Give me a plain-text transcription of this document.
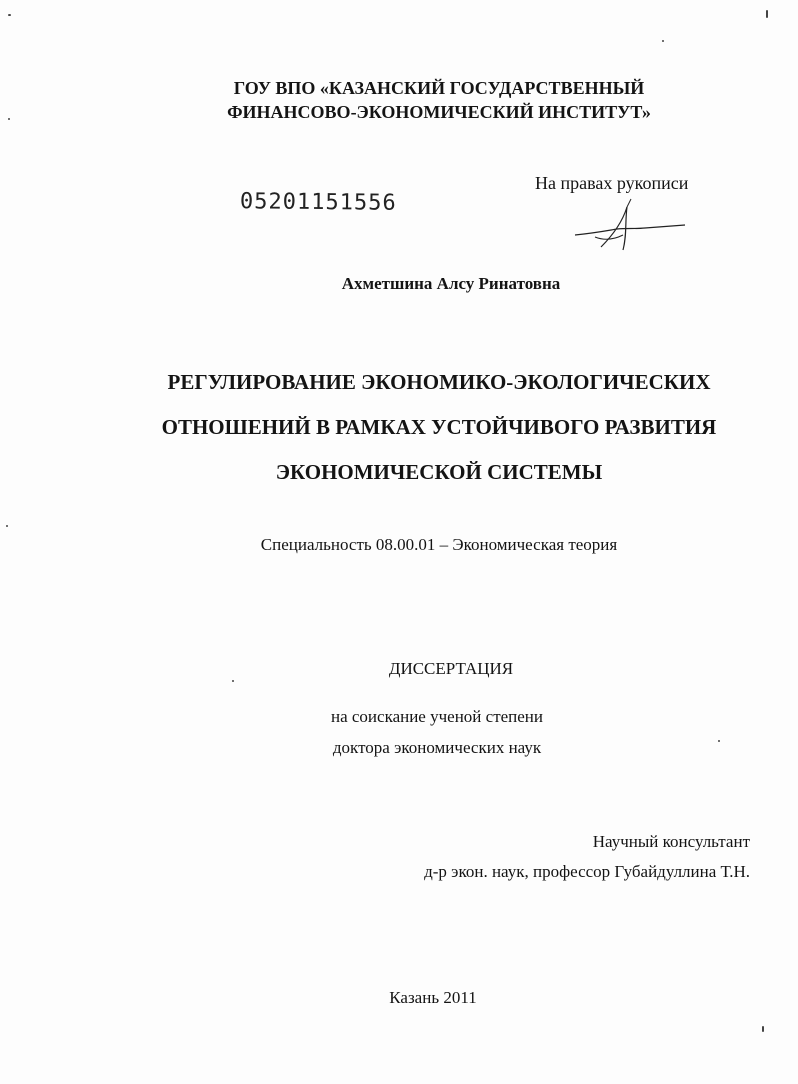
ГОУ ВПО «КАЗАНСКИЙ ГОСУДАРСТВЕННЫЙ
ФИНАНСОВО-ЭКОНОМИЧЕСКИЙ ИНСТИТУТ»
На правах рукописи
05201151556
Ахметшина Алсу Ринатовна
РЕГУЛИРОВАНИЕ ЭКОНОМИКО-ЭКОЛОГИЧЕСКИХ
ОТНОШЕНИЙ В РАМКАХ УСТОЙЧИВОГО РАЗВИТИЯ
ЭКОНОМИЧЕСКОЙ СИСТЕМЫ
Специальность 08.00.01 – Экономическая теория
ДИССЕРТАЦИЯ
на соискание ученой степени
доктора экономических наук
Научный консультант
д-р экон. наук, профессор Губайдуллина Т.Н.
Казань 2011
